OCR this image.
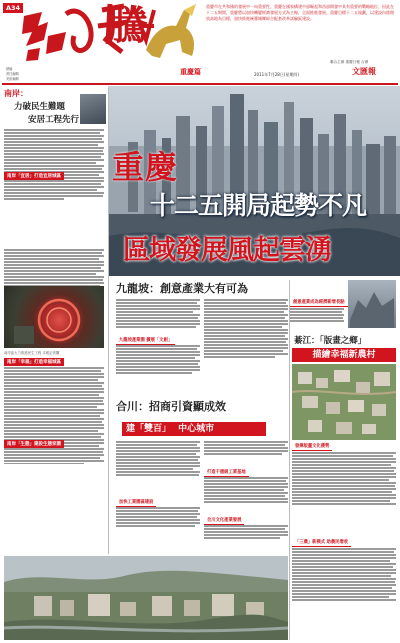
A34
總編
責任編輯
美術編輯
騰
重慶篇
重慶市在共和國的發展中一向重要性。重慶在國家構建中部崛起和西部開發中具有重要的戰略地位，因此在十二五期間，重慶將以加快轉變經濟發展方式為主線，全面推進發展。重慶目標十二五規劃，以建設內陸開放高地為目標，加快推進統籌城鄉綜合配套改革試驗區建設。
聯合主辦 重慶日報 合辦
2011年7月28日(星期四)	文匯報
南岸：
力破民生難題
安居工程先行
南岸「宜居」打造宜居城區
南岸區大力推進民生工程 本報記者攝
南岸「幸福」打造幸福城區
南岸「生態」建設生態家園
重慶
十二五開局起勢不凡
區域發展風起雲湧
九龍坡：創意產業大有可為
九龍坡產業園 擴展「文創」
創意產業成為經濟新增長點
綦江：「版畫之鄉」
描繪幸福新農村
發揮版畫文化優勢
「三農」新模式 助農民增收
合川：招商引資顯成效
建「雙百」 中心城市
加快工業園區建設
打造千億級工業基地
合川文化產業發展
